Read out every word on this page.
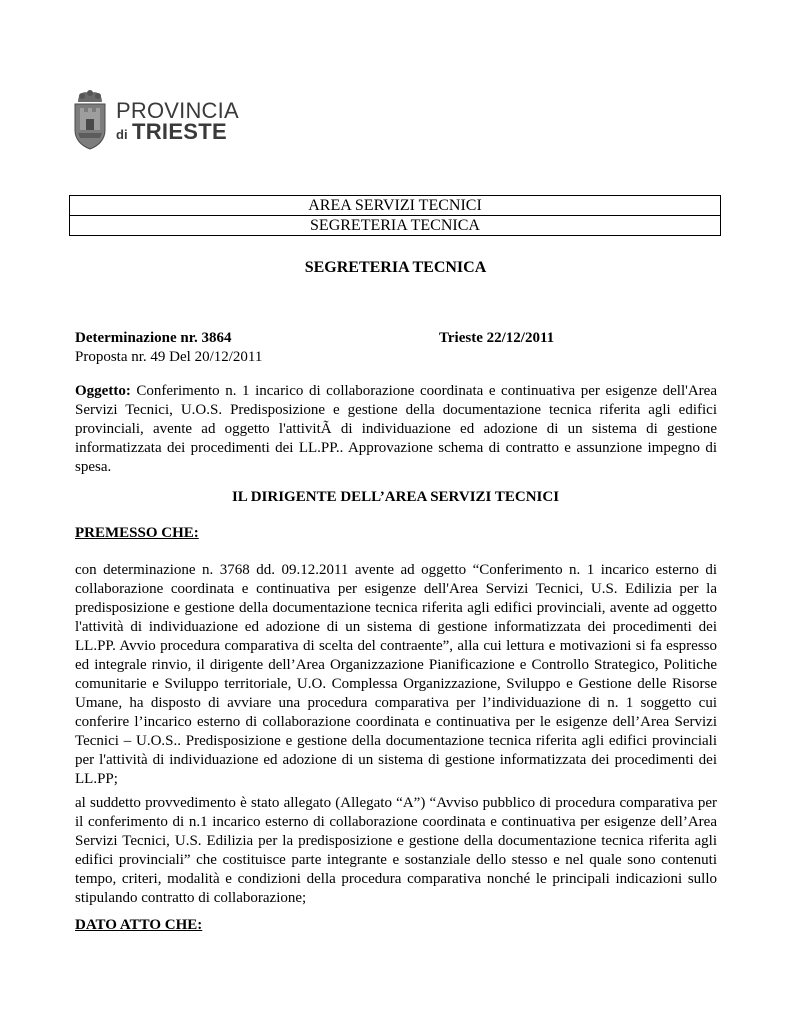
PROVINCIA
di TRIESTE
AREA SERVIZI TECNICI
SEGRETERIA TECNICA
SEGRETERIA TECNICA
Determinazione nr. 3864
Proposta nr. 49 Del 20/12/2011
Trieste 22/12/2011
Oggetto: Conferimento n. 1 incarico di collaborazione coordinata e continuativa per esigenze dell'Area Servizi Tecnici, U.O.S. Predisposizione e gestione della documentazione tecnica riferita agli edifici provinciali, avente ad oggetto l'attivitÃ di individuazione ed adozione di un sistema di gestione informatizzata dei procedimenti dei LL.PP.. Approvazione schema di contratto e assunzione impegno di spesa.
IL DIRIGENTE DELL’AREA SERVIZI TECNICI
PREMESSO CHE:
con determinazione n. 3768 dd. 09.12.2011 avente ad oggetto “Conferimento n. 1 incarico esterno di collaborazione coordinata e continuativa per esigenze dell'Area Servizi Tecnici, U.S. Edilizia per la predisposizione e gestione della documentazione tecnica riferita agli edifici provinciali, avente ad oggetto l'attività di individuazione ed adozione di un sistema di gestione informatizzata dei procedimenti dei LL.PP. Avvio procedura comparativa di scelta del contraente”, alla cui lettura e motivazioni si fa espresso ed integrale rinvio, il dirigente dell’Area Organizzazione Pianificazione e Controllo Strategico, Politiche comunitarie e Sviluppo territoriale, U.O. Complessa Organizzazione, Sviluppo e Gestione delle Risorse Umane, ha disposto di avviare una procedura comparativa per l’individuazione di n. 1 soggetto cui conferire l’incarico esterno di collaborazione coordinata e continuativa per le esigenze dell’Area Servizi Tecnici – U.O.S.. Predisposizione e gestione della documentazione tecnica riferita agli edifici provinciali per l'attività di individuazione ed adozione di un sistema di gestione informatizzata dei procedimenti dei LL.PP;
al suddetto provvedimento è stato allegato (Allegato “A”) “Avviso pubblico di procedura comparativa per il conferimento di n.1 incarico esterno di collaborazione coordinata e continuativa per esigenze dell’Area Servizi Tecnici, U.S. Edilizia per la predisposizione e gestione della documentazione tecnica riferita agli edifici provinciali” che costituisce parte integrante e sostanziale dello stesso e nel quale sono contenuti tempo, criteri, modalità e condizioni della procedura comparativa nonché le principali indicazioni sullo stipulando contratto di collaborazione;
DATO ATTO CHE:
